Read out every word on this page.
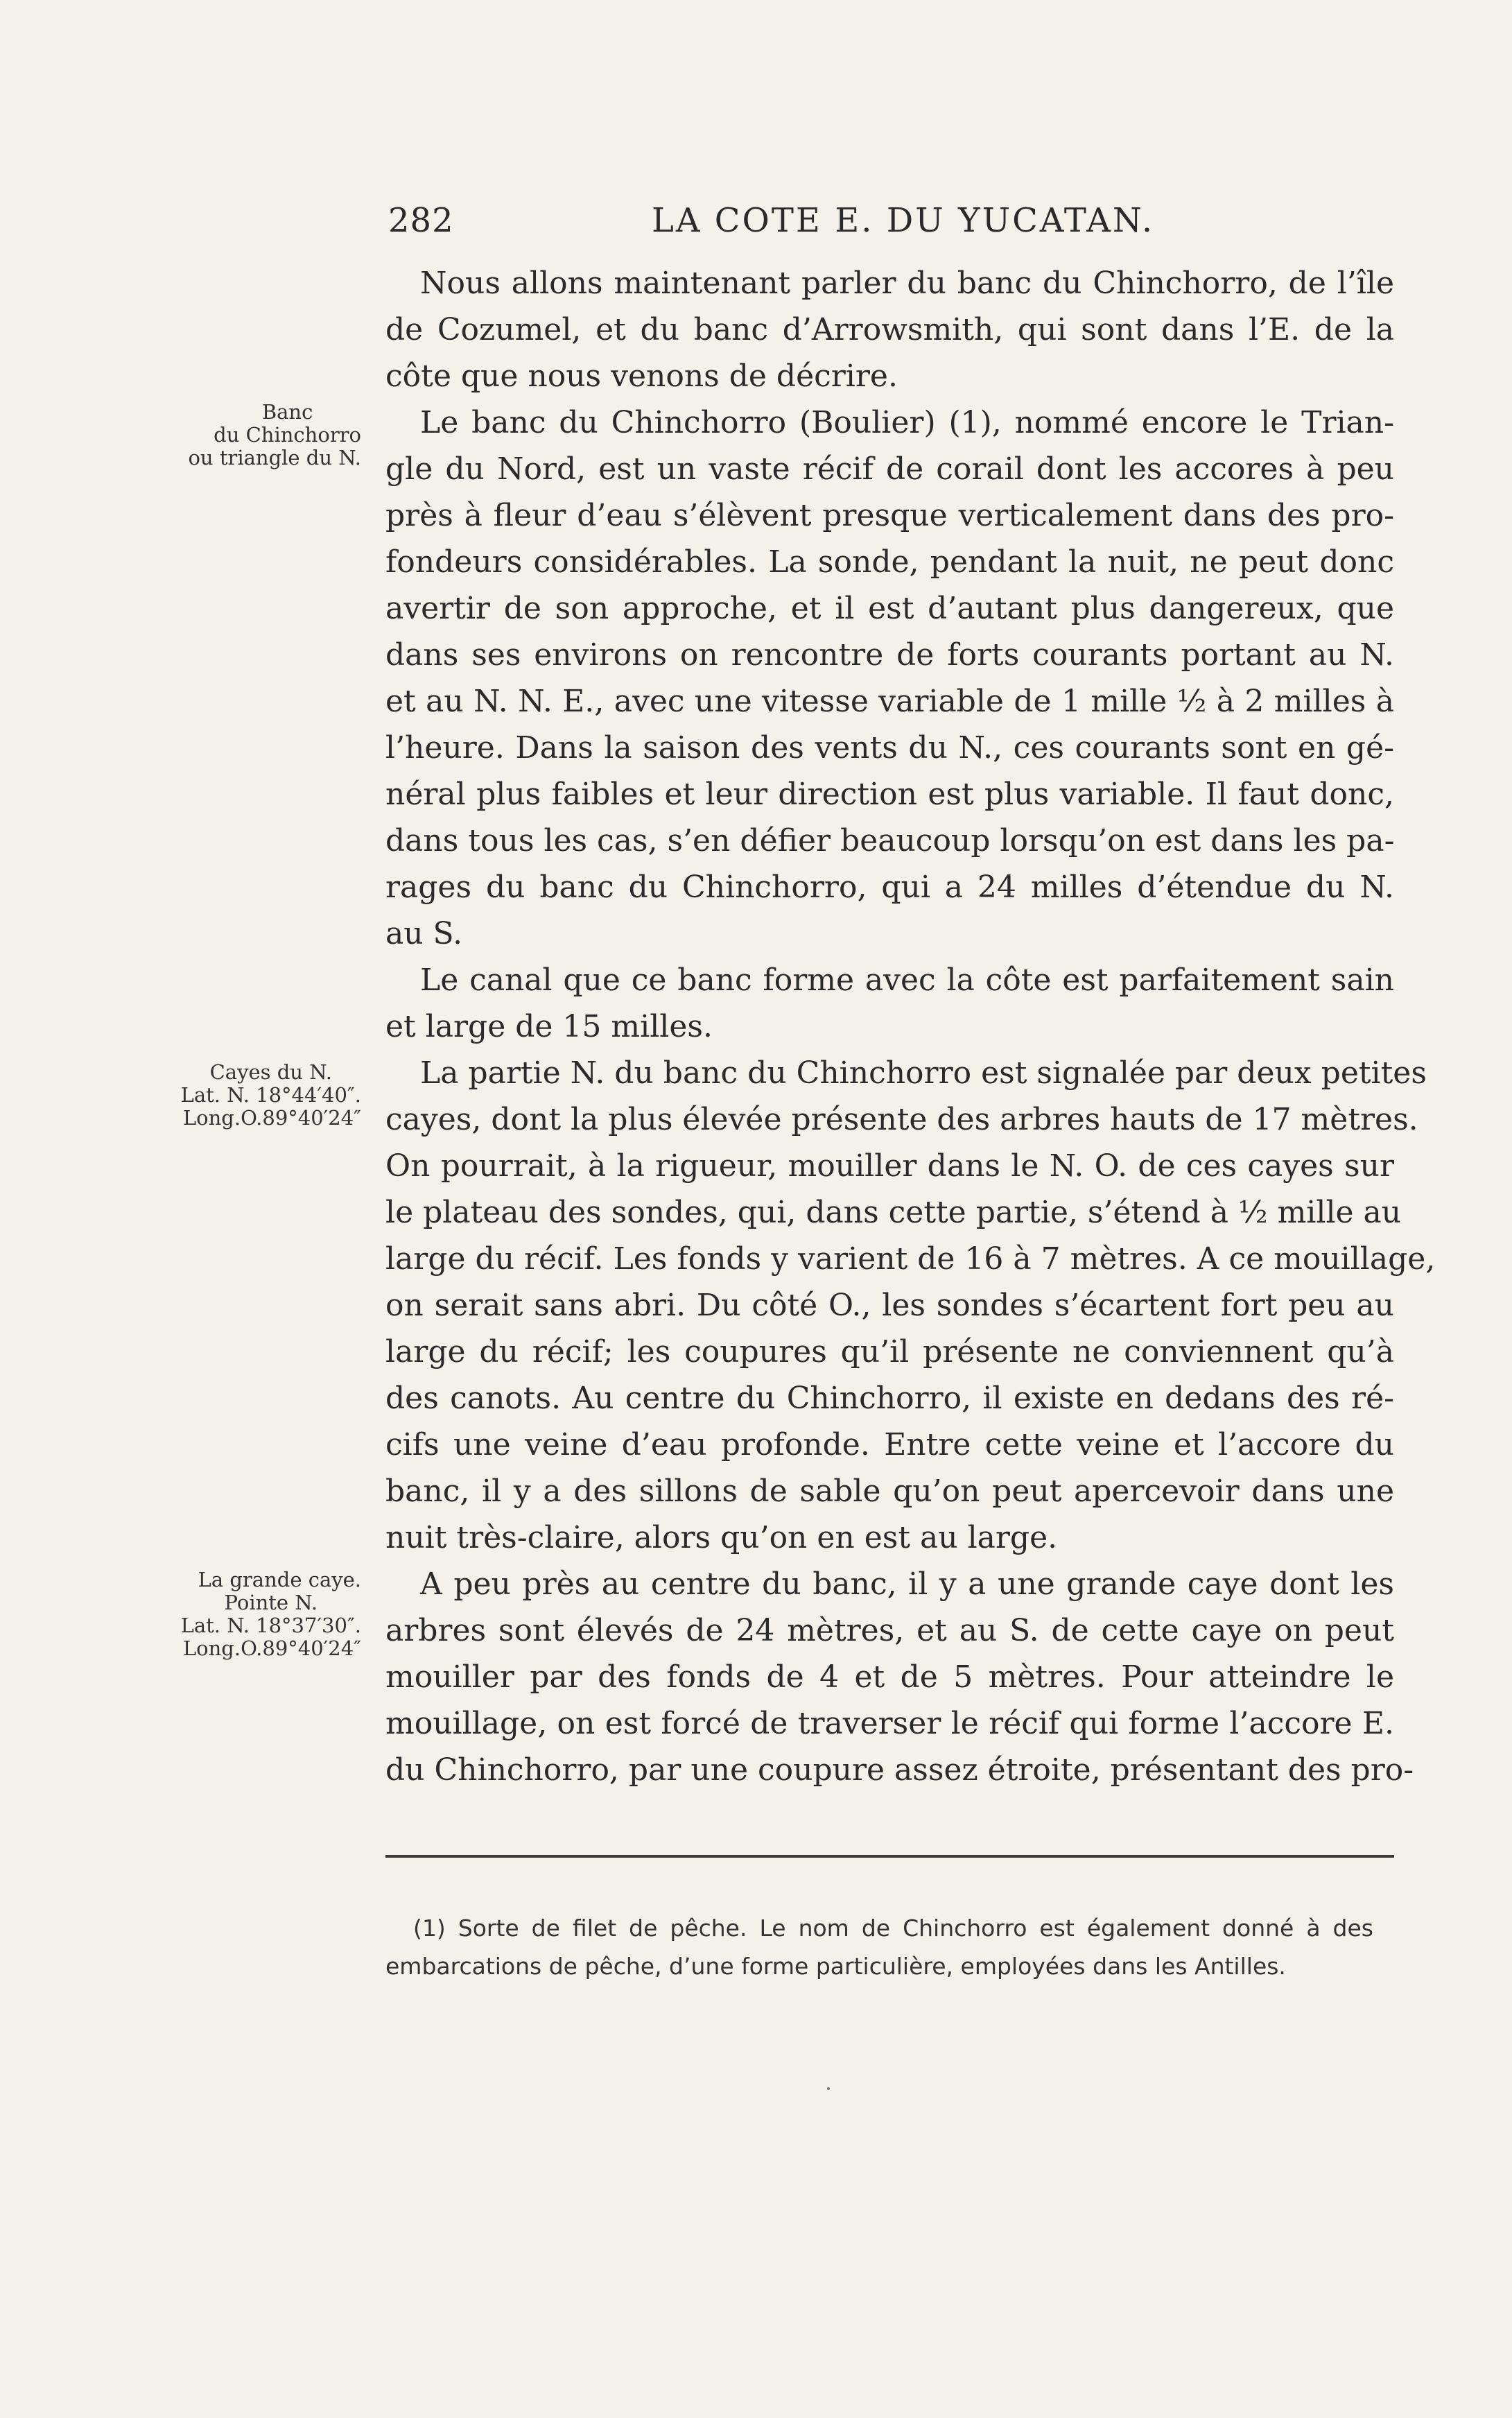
282	LA COTE E. DU YUCATAN.
Banc
du Chinchorro
ou triangle du N.
Cayes du N.
Lat. N. 18°44′40″.
Long.O.89°40′24″
La grande caye.
Pointe N.
Lat. N. 18°37′30″.
Long.O.89°40′24″
Nous allons maintenant parler du banc du Chinchorro, de l’île
de Cozumel, et du banc d’Arrowsmith, qui sont dans l’E. de la
côte que nous venons de décrire.
Le banc du Chinchorro (Boulier) (1), nommé encore le Trian-
gle du Nord, est un vaste récif de corail dont les accores à peu
près à fleur d’eau s’élèvent presque verticalement dans des pro-
fondeurs considérables. La sonde, pendant la nuit, ne peut donc
avertir de son approche, et il est d’autant plus dangereux, que
dans ses environs on rencontre de forts courants portant au N.
et au N. N. E., avec une vitesse variable de 1 mille ½ à 2 milles à
l’heure. Dans la saison des vents du N., ces courants sont en gé-
néral plus faibles et leur direction est plus variable. Il faut donc,
dans tous les cas, s’en défier beaucoup lorsqu’on est dans les pa-
rages du banc du Chinchorro, qui a 24 milles d’étendue du N.
au S.
Le canal que ce banc forme avec la côte est parfaitement sain
et large de 15 milles.
La partie N. du banc du Chinchorro est signalée par deux petites
cayes, dont la plus élevée présente des arbres hauts de 17 mètres.
On pourrait, à la rigueur, mouiller dans le N. O. de ces cayes sur
le plateau des sondes, qui, dans cette partie, s’étend à ½ mille au
large du récif. Les fonds y varient de 16 à 7 mètres. A ce mouillage,
on serait sans abri. Du côté O., les sondes s’écartent fort peu au
large du récif; les coupures qu’il présente ne conviennent qu’à
des canots. Au centre du Chinchorro, il existe en dedans des ré-
cifs une veine d’eau profonde. Entre cette veine et l’accore du
banc, il y a des sillons de sable qu’on peut apercevoir dans une
nuit très-claire, alors qu’on en est au large.
A peu près au centre du banc, il y a une grande caye dont les
arbres sont élevés de 24 mètres, et au S. de cette caye on peut
mouiller par des fonds de 4 et de 5 mètres. Pour atteindre le
mouillage, on est forcé de traverser le récif qui forme l’accore E.
du Chinchorro, par une coupure assez étroite, présentant des pro-
(1) Sorte de filet de pêche. Le nom de Chinchorro est également donné à des
embarcations de pêche, d’une forme particulière, employées dans les Antilles.
